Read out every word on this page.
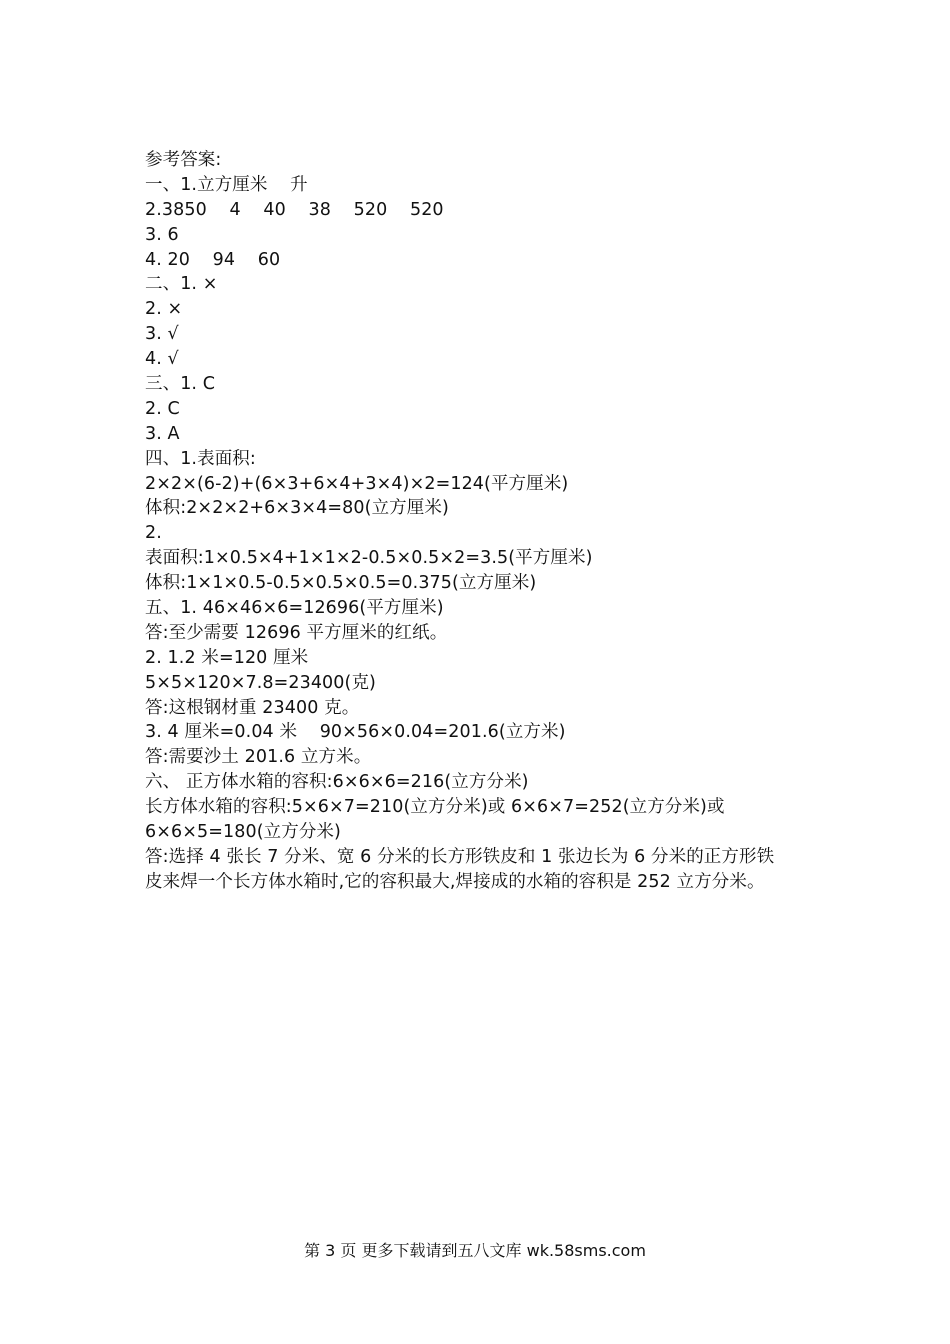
参考答案:
一、1.立方厘米    升
2.3850    4    40    38    520    520
3. 6
4. 20    94    60
二、1. ×
2. ×
3. √
4. √
三、1. C
2. C
3. A
四、1.表面积:
2×2×(6-2)+(6×3+6×4+3×4)×2=124(平方厘米)
体积:2×2×2+6×3×4=80(立方厘米)
2.
表面积:1×0.5×4+1×1×2-0.5×0.5×2=3.5(平方厘米)
体积:1×1×0.5-0.5×0.5×0.5=0.375(立方厘米)
五、1. 46×46×6=12696(平方厘米)
答:至少需要 12696 平方厘米的红纸。
2. 1.2 米=120 厘米
5×5×120×7.8=23400(克)
答:这根钢材重 23400 克。
3. 4 厘米=0.04 米    90×56×0.04=201.6(立方米)
答:需要沙土 201.6 立方米。
六、 正方体水箱的容积:6×6×6=216(立方分米)
长方体水箱的容积:5×6×7=210(立方分米)或 6×6×7=252(立方分米)或
6×6×5=180(立方分米)
答:选择 4 张长 7 分米、宽 6 分米的长方形铁皮和 1 张边长为 6 分米的正方形铁
皮来焊一个长方体水箱时,它的容积最大,焊接成的水箱的容积是 252 立方分米。
第 3 页 更多下载请到五八文库 wk.58sms.com
